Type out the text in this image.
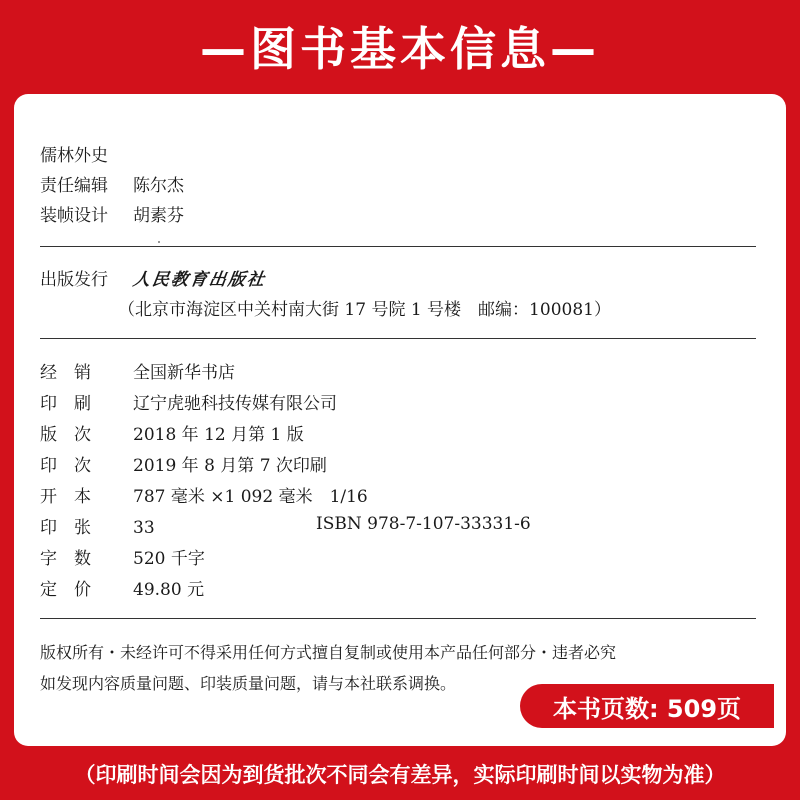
—图书基本信息—
儒林外史
责任编辑 陈尔杰
装帧设计 胡素芬
出版发行 人民教育出版社
（北京市海淀区中关村南大街 17 号院 1 号楼　邮编：100081）
经　销 全国新华书店
印　刷 辽宁虎驰科技传媒有限公司
版　次 2018 年 12 月第 1 版
印　次 2019 年 8 月第 7 次印刷
开　本 787 毫米 ×1 092 毫米　1/16
印　张 33	ISBN 978-7-107-33331-6
字　数 520 千字
定　价 49.80 元
版权所有・未经许可不得采用任何方式擅自复制或使用本产品任何部分・违者必究
如发现内容质量问题、印装质量问题，请与本社联系调换。
本书页数: 509页
（印刷时间会因为到货批次不同会有差异，实际印刷时间以实物为准）
